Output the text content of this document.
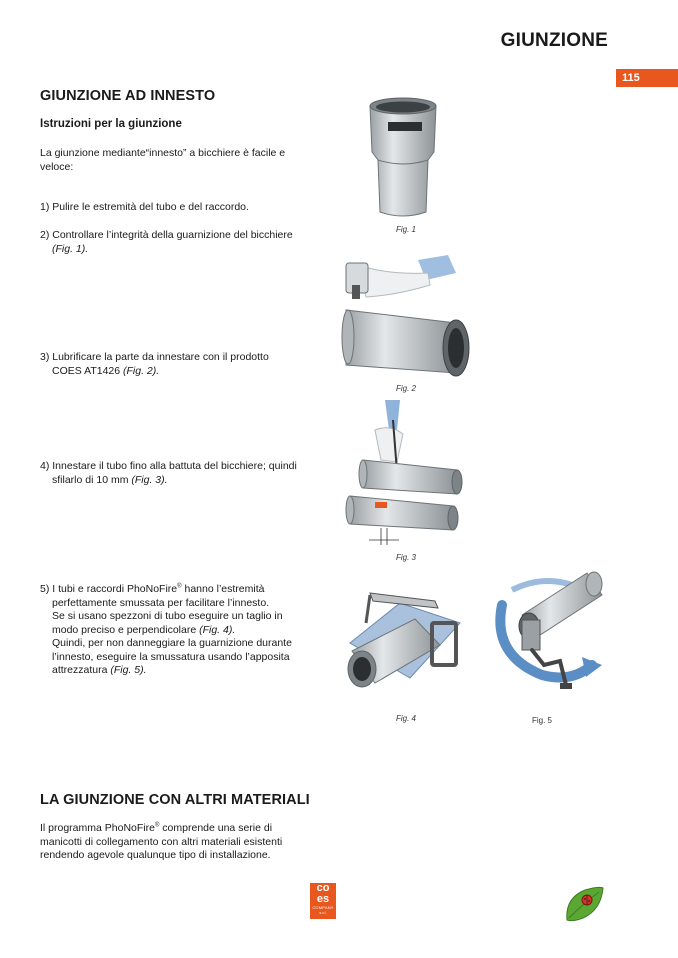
GIUNZIONE
115
GIUNZIONE AD INNESTO
Istruzioni per la giunzione
La giunzione mediante“innesto” a bicchiere è facile e veloce:
1) Pulire le estremità del tubo e del raccordo.
2) Controllare l’integrità della guarnizione del bicchiere
(Fig. 1).
3) Lubrificare la parte da innestare con il prodotto
COES AT1426 (Fig. 2).
4) Innestare il tubo fino alla battuta del bicchiere; quindi
sfilarlo di 10 mm (Fig. 3).
5) I tubi e raccordi PhoNoFire® hanno l’estremità
perfettamente smussata per facilitare l’innesto.
Se si usano spezzoni di tubo eseguire un taglio in
modo preciso e perpendicolare (Fig. 4).
Quindi, per non danneggiare la guarnizione durante
l’innesto, eseguire la smussatura usando l’apposita
attrezzatura (Fig. 5).
LA GIUNZIONE CON ALTRI MATERIALI
Il programma PhoNoFire® comprende una serie di
manicotti di collegamento con altri materiali esistenti
rendendo agevole qualunque tipo di installazione.
Fig. 1
Fig. 2
Fig. 3
Fig. 4	Fig. 5
co
es
COMPANY
s.r.l.
